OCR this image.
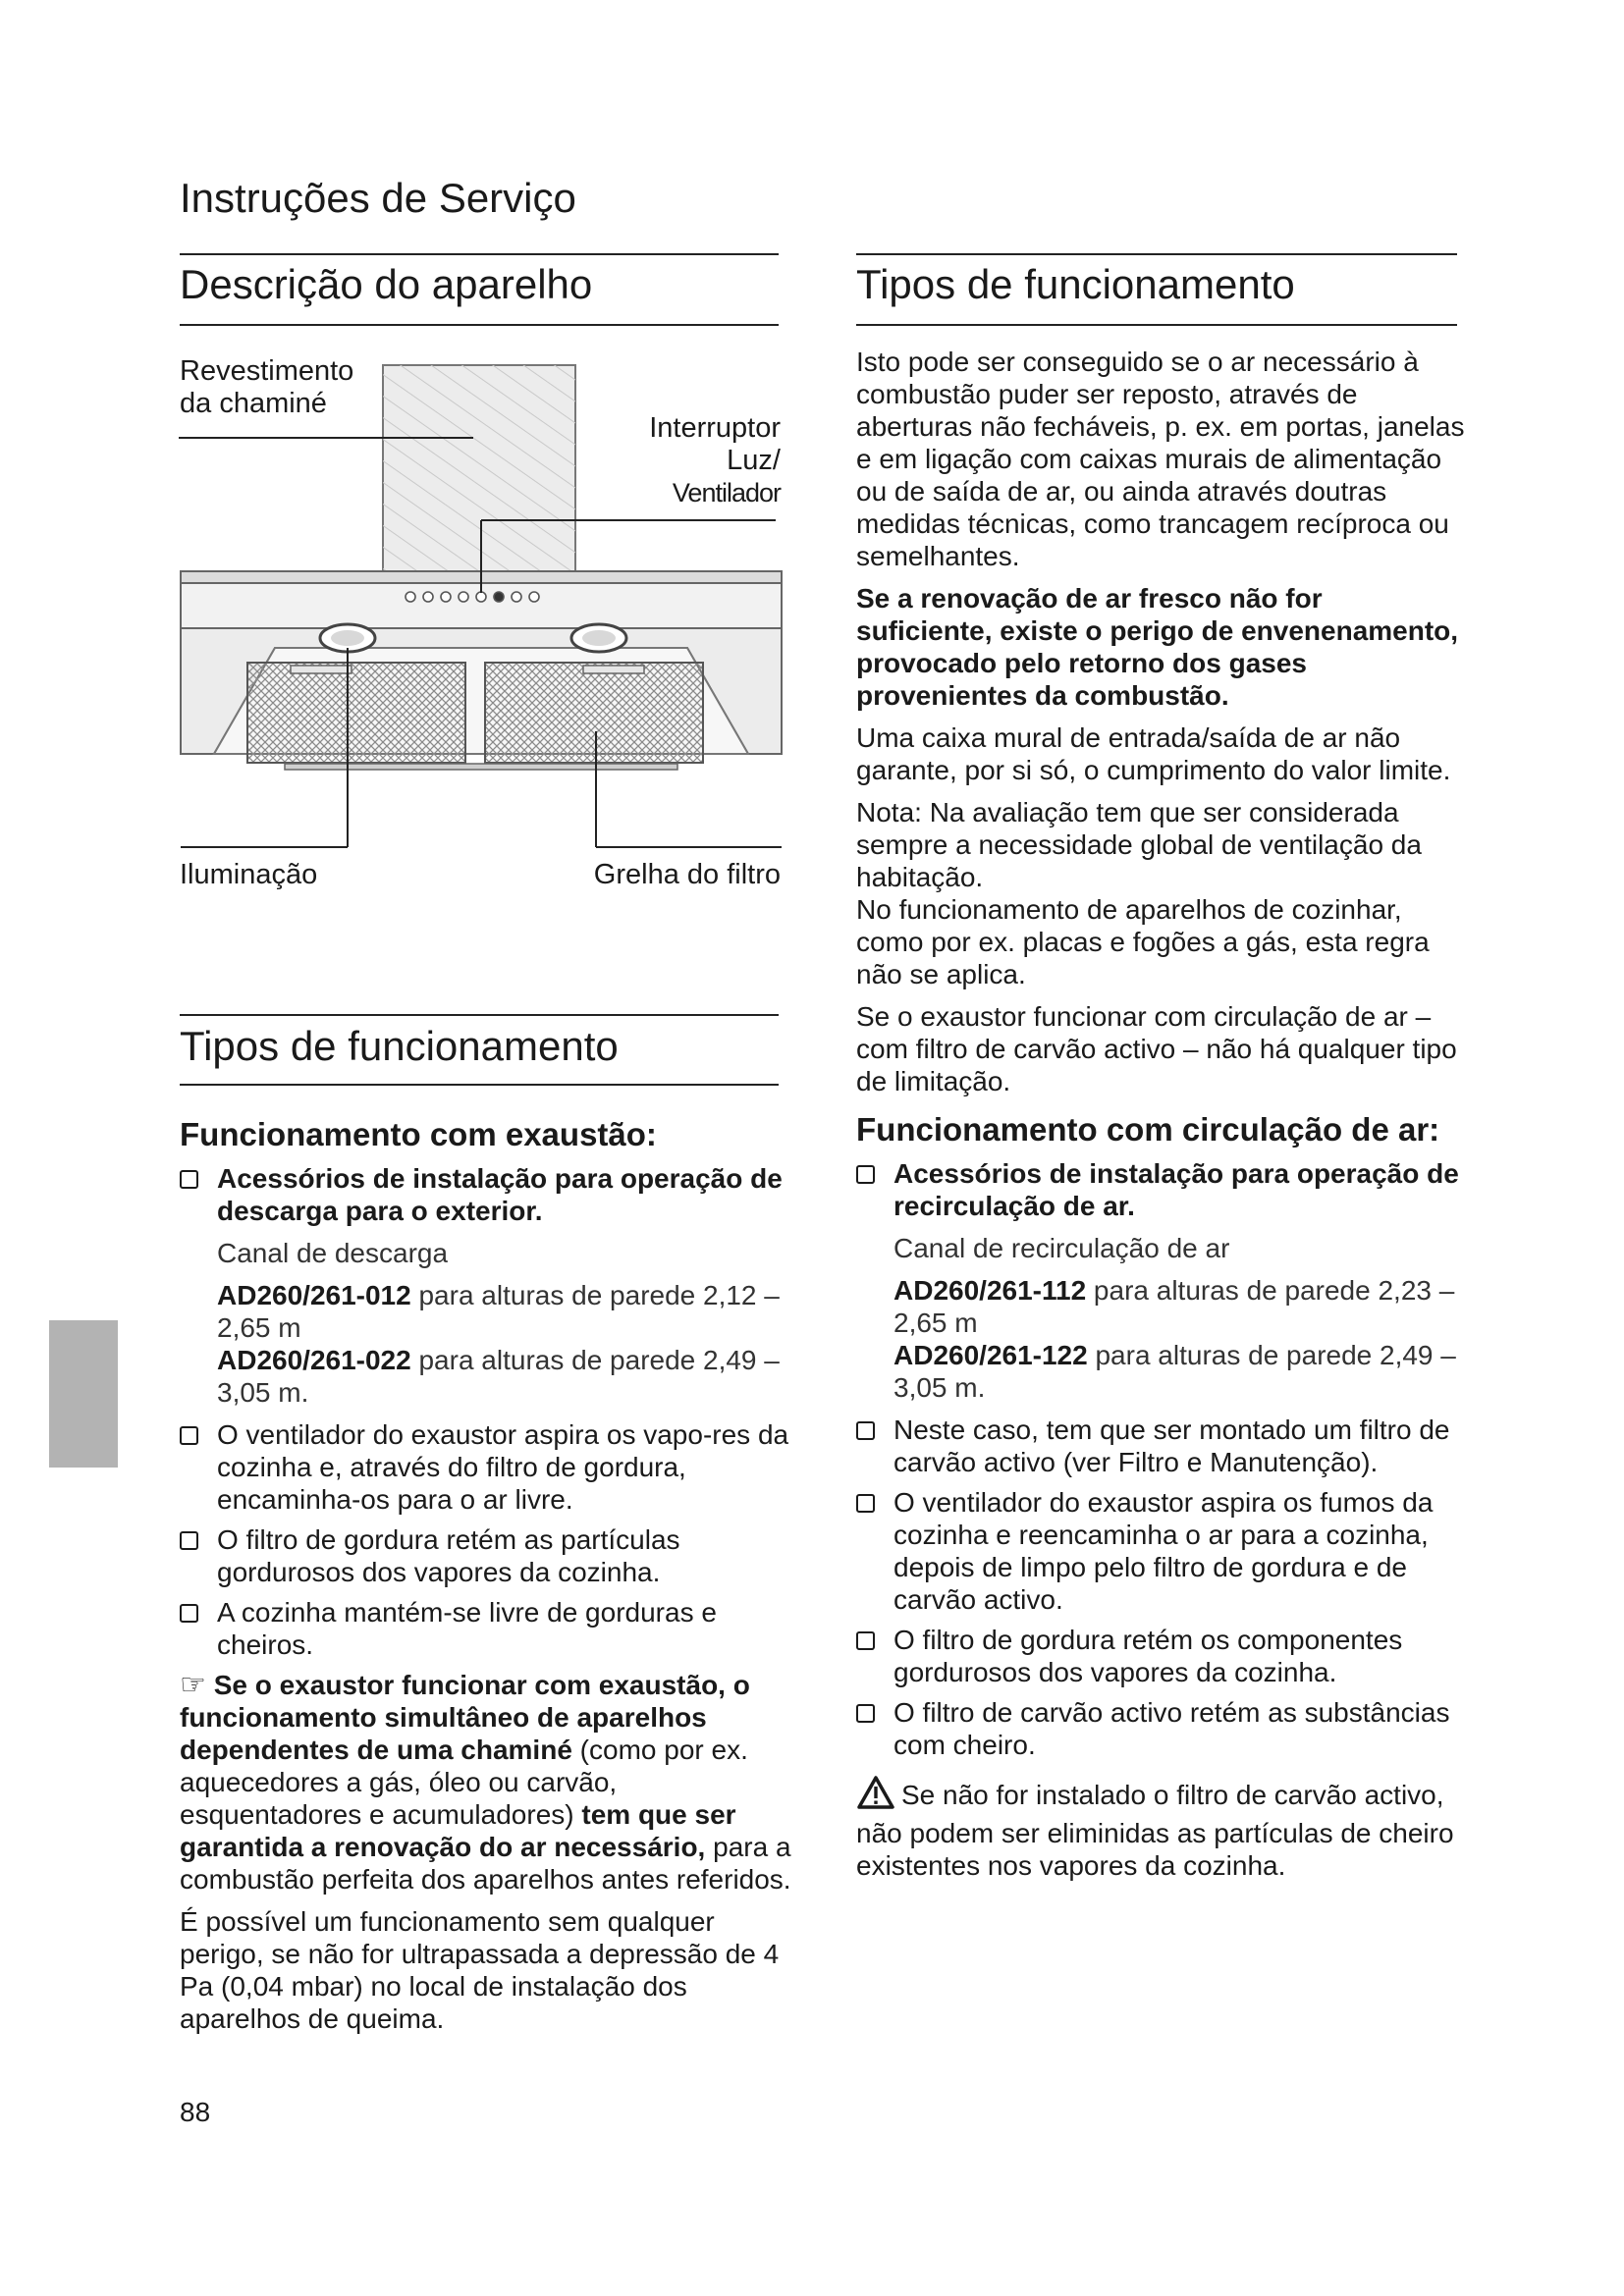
Instruções de Serviço
Descrição do aparelho
Revestimento
da chaminé
Interruptor
Luz/
Ventilador
Iluminação	Grelha do filtro
Tipos de funcionamento
Funcionamento com exaustão:
Acessórios de instalação para operação de descarga para o exterior.
Canal de descarga
AD260/261-012 para alturas de parede 2,12 – 2,65 m
AD260/261-022 para alturas de parede 2,49 – 3,05 m.
O ventilador do exaustor aspira os vapo-res da cozinha e, através do filtro de gordura, encaminha-os para o ar livre.
O filtro de gordura retém as partículas gordurosos dos vapores da cozinha.
A cozinha mantém-se livre de gorduras e cheiros.

☞ Se o exaustor funcionar com exaustão, o funcionamento simultâneo de aparelhos dependentes de uma chaminé (como por ex. aquecedores a gás, óleo ou carvão, esquentadores e acumuladores) tem que ser garantida a renovação do ar necessário, para a combustão perfeita dos aparelhos antes referidos.

É possível um funcionamento sem qualquer perigo, se não for ultrapassada a depressão de 4 Pa (0,04 mbar) no local de instalação dos aparelhos de queima.

88
Tipos de funcionamento

Isto pode ser conseguido se o ar necessário à combustão puder ser reposto, através de aberturas não fecháveis, p. ex. em portas, janelas e em ligação com caixas murais de alimentação ou de saída de ar, ou ainda através doutras medidas técnicas, como trancagem recíproca ou semelhantes.

Se a renovação de ar fresco não for suficiente, existe o perigo de envenenamento, provocado pelo retorno dos gases provenientes da combustão.

Uma caixa mural de entrada/saída de ar não garante, por si só, o cumprimento do valor limite.

Nota: Na avaliação tem que ser considerada sempre a necessidade global de ventilação da habitação.

No funcionamento de aparelhos de cozinhar, como por ex. placas e fogões a gás, esta regra não se aplica.

Se o exaustor funcionar com circulação de ar – com filtro de carvão activo – não há qualquer tipo de limitação.

Funcionamento com circulação de ar:
Acessórios de instalação para operação de recirculação de ar.
Canal de recirculação de ar
AD260/261-112 para alturas de parede 2,23 – 2,65 m
AD260/261-122 para alturas de parede 2,49 – 3,05 m.
Neste caso, tem que ser montado um filtro de carvão activo (ver Filtro e Manutenção).
O ventilador do exaustor aspira os fumos da cozinha e reencaminha o ar para a cozinha, depois de limpo pelo filtro de gordura e de carvão activo.
O filtro de gordura retém os componentes gordurosos dos vapores da cozinha.
O filtro de carvão activo retém as substâncias com cheiro.

Se não for instalado o filtro de carvão activo, não podem ser eliminidas as partículas de cheiro existentes nos vapores da cozinha.
